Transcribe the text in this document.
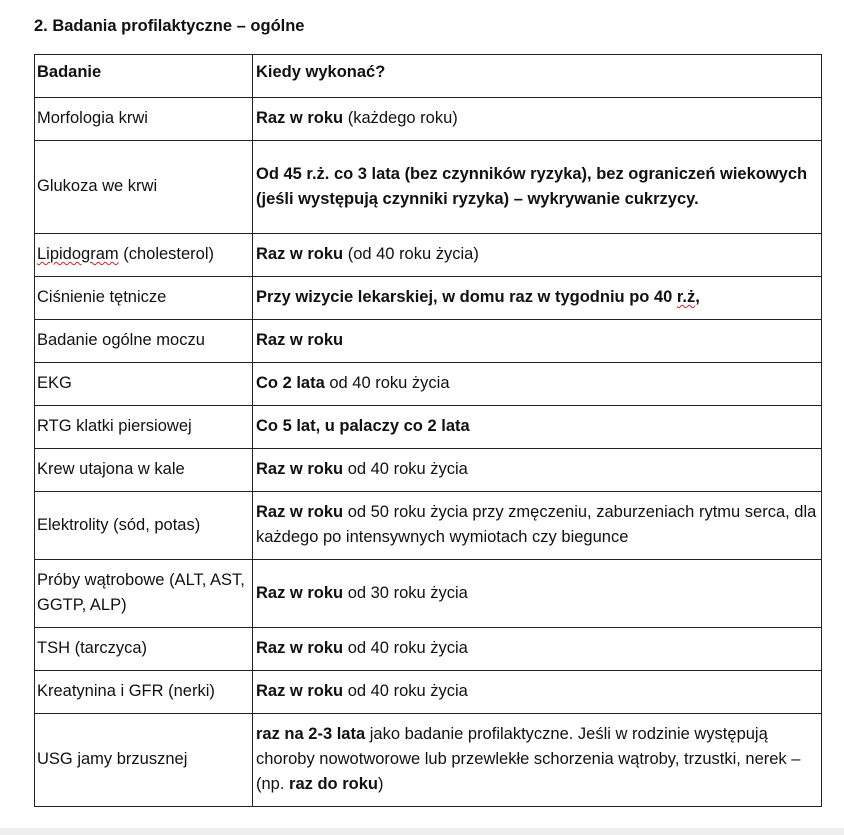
2. Badania profilaktyczne – ogólne

Badanie	Kiedy wykonać?
Morfologia krwi	Raz w roku (każdego roku)
Glukoza we krwi	Od 45 r.ż. co 3 lata (bez czynników ryzyka), bez ograniczeń wiekowych (jeśli występują czynniki ryzyka) – wykrywanie cukrzycy.
Lipidogram (cholesterol)	Raz w roku (od 40 roku życia)
Ciśnienie tętnicze	Przy wizycie lekarskiej, w domu raz w tygodniu po 40 r.ż,
Badanie ogólne moczu	Raz w roku
EKG	Co 2 lata od 40 roku życia
RTG klatki piersiowej	Co 5 lat, u palaczy co 2 lata
Krew utajona w kale	Raz w roku od 40 roku życia
Elektrolity (sód, potas)	Raz w roku od 50 roku życia przy zmęczeniu, zaburzeniach rytmu serca, dla każdego po intensywnych wymiotach czy biegunce
Próby wątrobowe (ALT, AST, GGTP, ALP)	Raz w roku od 30 roku życia
TSH (tarczyca)	Raz w roku od 40 roku życia
Kreatynina i GFR (nerki)	Raz w roku od 40 roku życia
USG jamy brzusznej	raz na 2-3 lata jako badanie profilaktyczne. Jeśli w rodzinie występują choroby nowotworowe lub przewlekłe schorzenia wątroby, trzustki, nerek – (np. raz do roku)
